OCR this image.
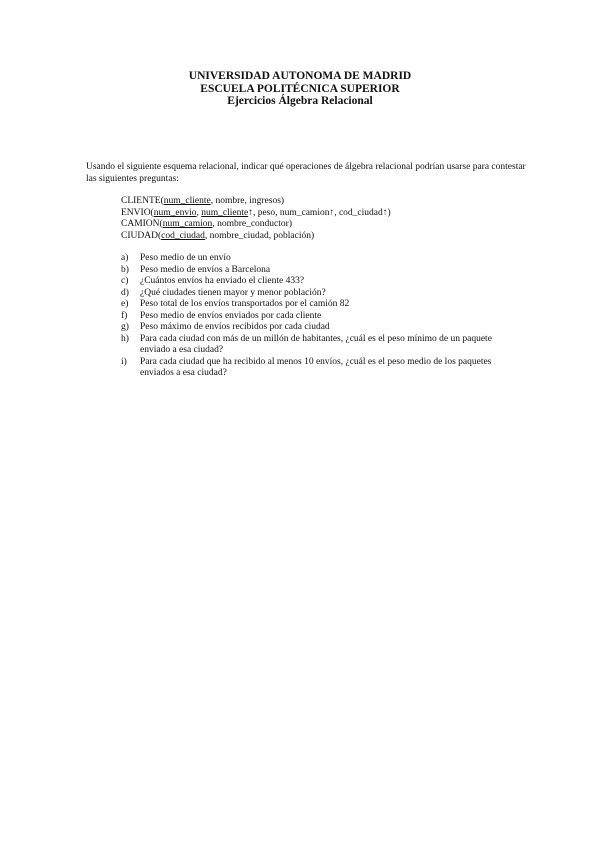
UNIVERSIDAD AUTONOMA DE MADRID
ESCUELA POLITÉCNICA SUPERIOR
Ejercicios Álgebra Relacional
Usando el siguiente esquema relacional, indicar qué operaciones de álgebra relacional podrían usarse para contestar las siguientes preguntas:
CLIENTE(num_cliente, nombre, ingresos)
ENVIO(num_envio, num_cliente↑, peso, num_camion↑, cod_ciudad↑)
CAMION(num_camion, nombre_conductor)
CIUDAD(cod_ciudad, nombre_ciudad, población)
a)	Peso medio de un envío
b)	Peso medio de envíos a Barcelona
c)	¿Cuántos envíos ha enviado el cliente 433?
d)	¿Qué ciudades tienen mayor y menor población?
e)	Peso total de los envíos transportados por el camión 82
f)	Peso medio de envíos enviados por cada cliente
g)	Peso máximo de envíos recibidos por cada ciudad
h)	Para cada ciudad con más de un millón de habitantes, ¿cuál es el peso mínimo de un paquete enviado a esa ciudad?
i)	Para cada ciudad que ha recibido al menos 10 envíos, ¿cuál es el peso medio de los paquetes enviados a esa ciudad?
